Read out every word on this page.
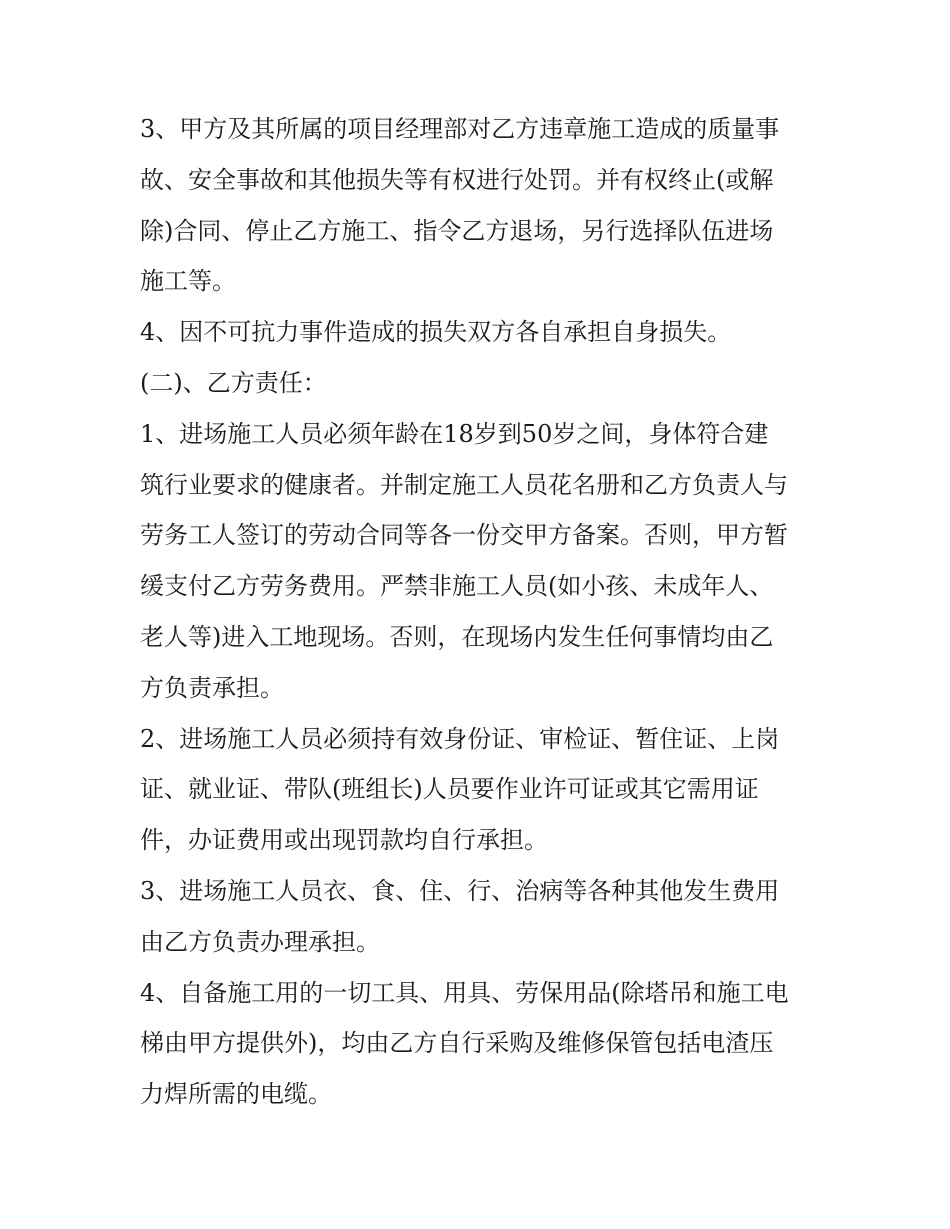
3、甲方及其所属的项目经理部对乙方违章施工造成的质量事
故、安全事故和其他损失等有权进行处罚。并有权终止(或解
除)合同、停止乙方施工、指令乙方退场，另行选择队伍进场
施工等。
4、因不可抗力事件造成的损失双方各自承担自身损失。
(二)、乙方责任：
1、进场施工人员必须年龄在18岁到50岁之间，身体符合建
筑行业要求的健康者。并制定施工人员花名册和乙方负责人与
劳务工人签订的劳动合同等各一份交甲方备案。否则，甲方暂
缓支付乙方劳务费用。严禁非施工人员(如小孩、未成年人、
老人等)进入工地现场。否则，在现场内发生任何事情均由乙
方负责承担。
2、进场施工人员必须持有效身份证、审检证、暂住证、上岗
证、就业证、带队(班组长)人员要作业许可证或其它需用证
件，办证费用或出现罚款均自行承担。
3、进场施工人员衣、食、住、行、治病等各种其他发生费用
由乙方负责办理承担。
4、自备施工用的一切工具、用具、劳保用品(除塔吊和施工电
梯由甲方提供外)，均由乙方自行采购及维修保管包括电渣压
力焊所需的电缆。
